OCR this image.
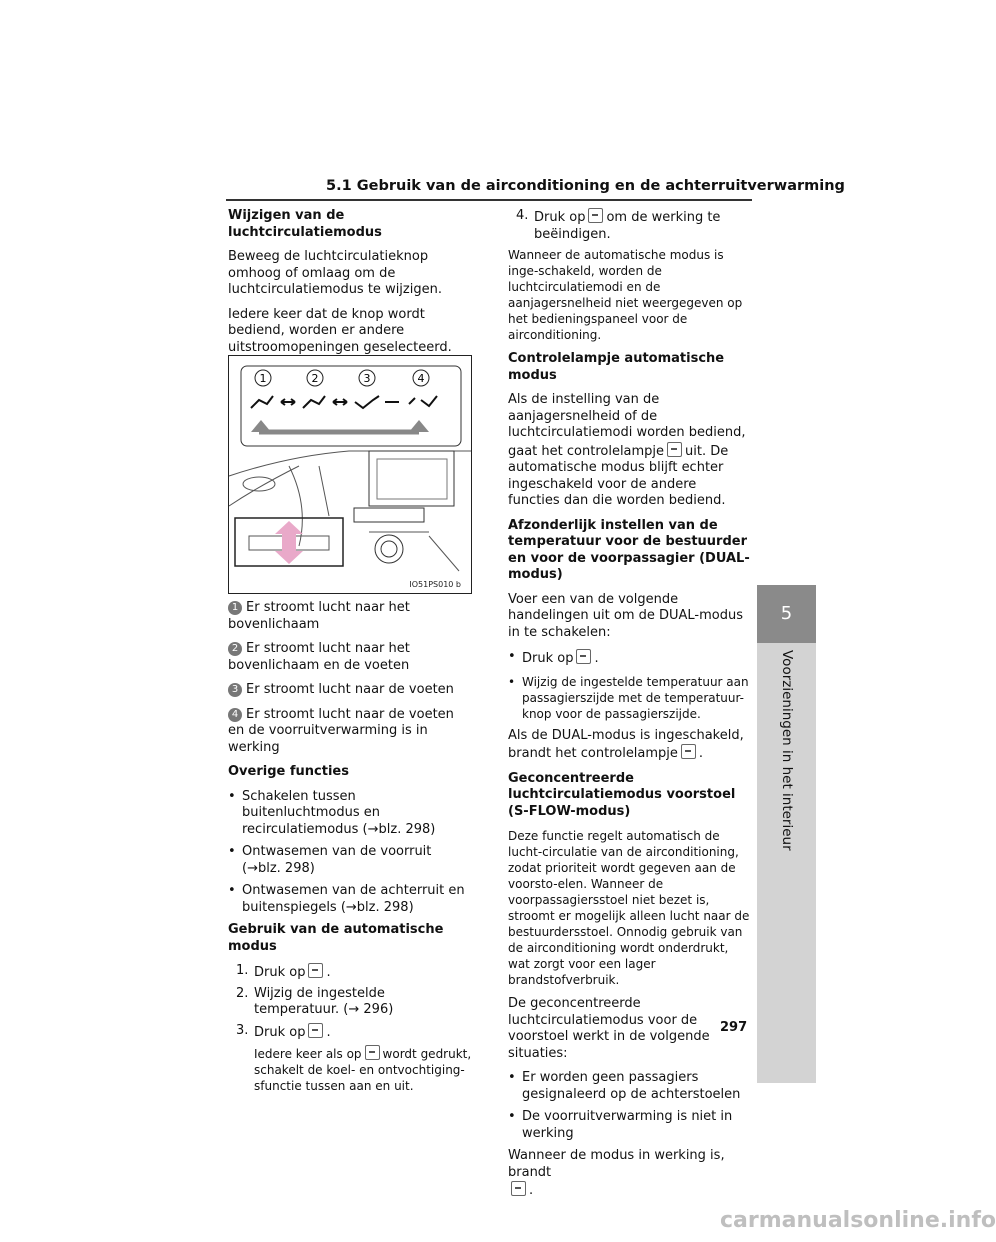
5.1 Gebruik van de airconditioning en de achterruitverwarming

Wijzigen van de luchtcirculatiemodus

Beweeg de luchtcirculatieknop omhoog of omlaag om de luchtcirculatiemodus te wijzigen.

Iedere keer dat de knop wordt bediend, worden er andere uitstroomopeningen geselecteerd.

1	2	3	4
IO51PS010 b

1 Er stroomt lucht naar het bovenlichaam

2 Er stroomt lucht naar het bovenlichaam en de voeten

3 Er stroomt lucht naar de voeten

4 Er stroomt lucht naar de voeten en de voorruitverwarming is in werking

Overige functies

• Schakelen tussen buitenluchtmodus en recirculatiemodus (→blz. 298)
• Ontwasemen van de voorruit (→blz. 298)
• Ontwasemen van de achterruit en buitenspiegels (→blz. 298)

Gebruik van de automatische modus

1. Druk op .
2. Wijzig de ingestelde temperatuur. (→ 296)
3. Druk op .

Iedere keer als op wordt gedrukt, schakelt de koel- en ontvochtiging-sfunctie tussen aan en uit.

4. Druk op om de werking te beëindigen.

Wanneer de automatische modus is inge-schakeld, worden de luchtcirculatiemodi en de aanjagersnelheid niet weergegeven op het bedieningspaneel voor de airconditioning.

Controlelampje automatische modus

Als de instelling van de aanjagersnelheid of de luchtcirculatiemodi worden bediend, gaat het controlelampje uit. De automatische modus blijft echter ingeschakeld voor de andere functies dan die worden bediend.

Afzonderlijk instellen van de temperatuur voor de bestuurder en voor de voorpassagier (DUAL-modus)

Voer een van de volgende handelingen uit om de DUAL-modus in te schakelen:

• Druk op .
• Wijzig de ingestelde temperatuur aan passagierszijde met de temperatuur-knop voor de passagierszijde.

Als de DUAL-modus is ingeschakeld, brandt het controlelampje .

Geconcentreerde luchtcirculatiemodus voorstoel (S-FLOW-modus)

Deze functie regelt automatisch de lucht-circulatie van de airconditioning, zodat prioriteit wordt gegeven aan de voorsto-elen. Wanneer de voorpassagiersstoel niet bezet is, stroomt er mogelijk alleen lucht naar de bestuurdersstoel. Onnodig gebruik van de airconditioning wordt onderdrukt, wat zorgt voor een lager brandstofverbruik.

De geconcentreerde luchtcirculatiemodus voor de voorstoel werkt in de volgende situaties:

• Er worden geen passagiers gesignaleerd op de achterstoelen
• De voorruitverwarming is niet in werking

Wanneer de modus in werking is, brandt
.

5
Voorzieningen in het interieur
297
carmanualsonline.info
